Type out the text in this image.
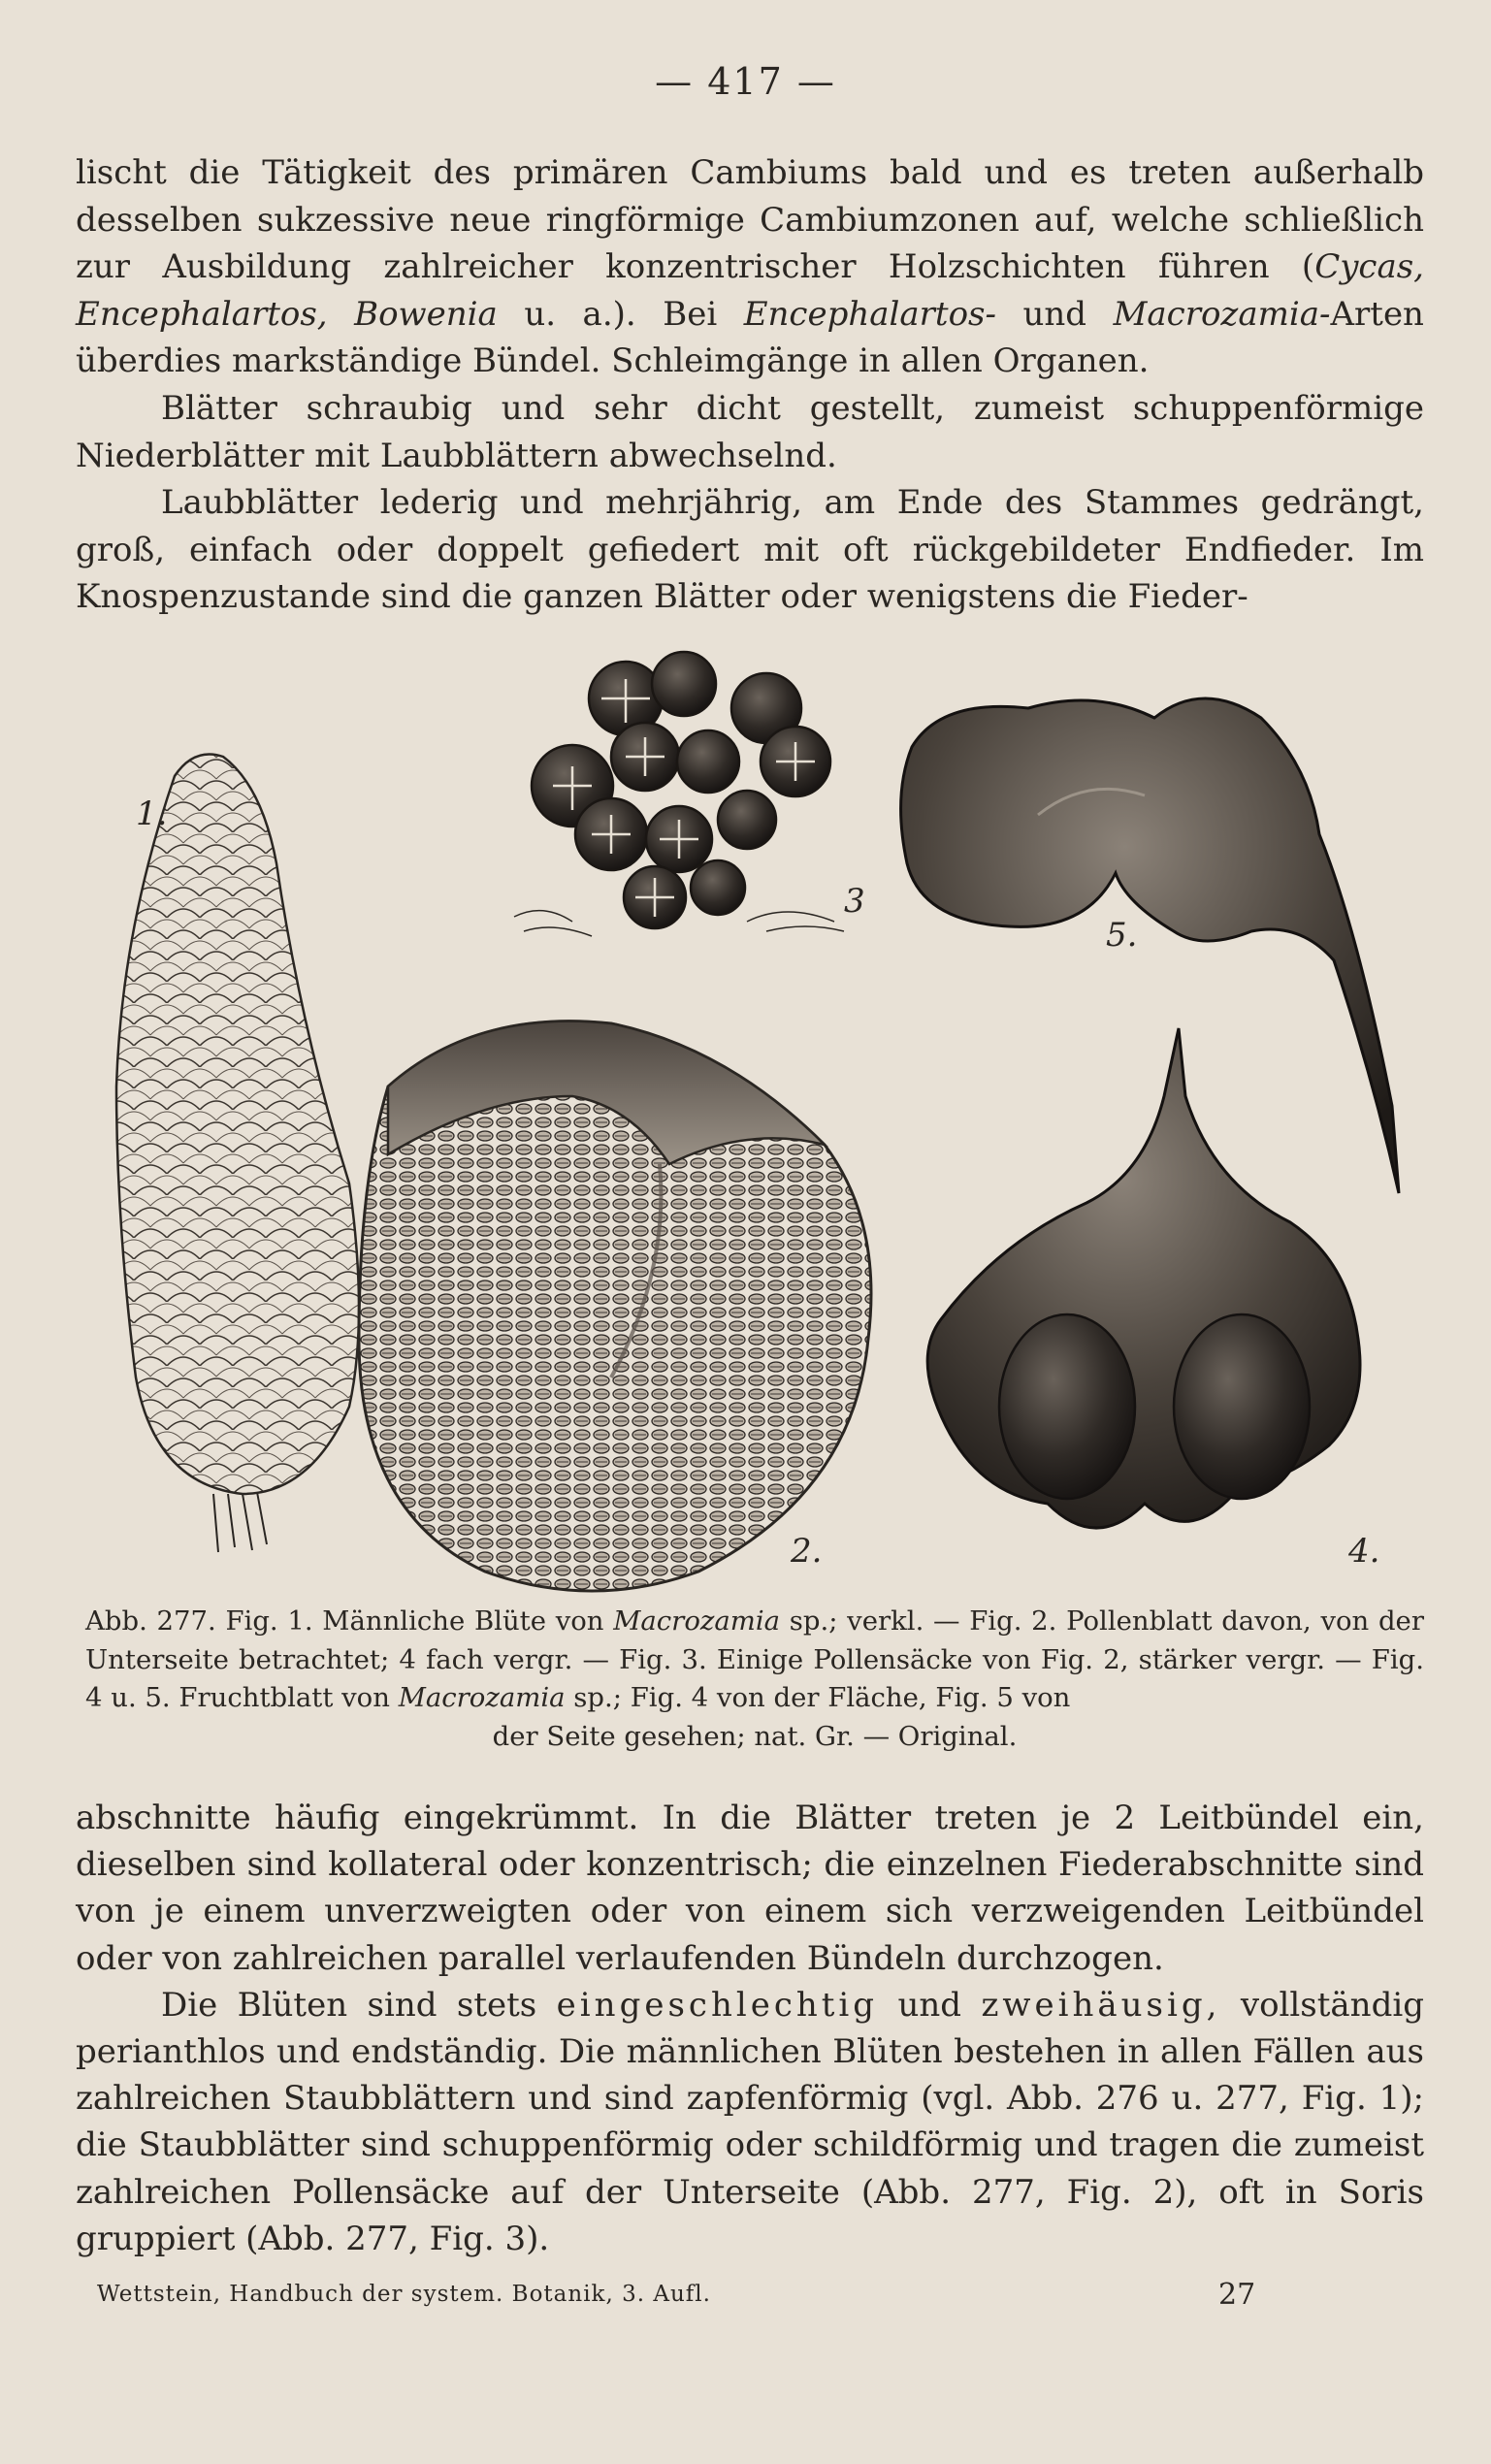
— 417 —

lischt die Tätigkeit des primären Cambiums bald und es treten außerhalb desselben sukzessive neue ringförmige Cambiumzonen auf, welche schließlich zur Ausbildung zahlreicher konzentrischer Holzschichten führen (Cycas, Encephalartos, Bowenia u. a.). Bei Encephalartos- und Macrozamia-Arten überdies markständige Bündel. Schleimgänge in allen Organen.

Blätter schraubig und sehr dicht gestellt, zumeist schuppenförmige Niederblätter mit Laubblättern abwechselnd.

Laubblätter lederig und mehrjährig, am Ende des Stammes gedrängt, groß, einfach oder doppelt gefiedert mit oft rückgebildeter Endfieder. Im Knospenzustande sind die ganzen Blätter oder wenigstens die Fieder-

3
1.
5.
2.	4.
Abb. 277. Fig. 1. Männliche Blüte von Macrozamia sp.; verkl. — Fig. 2. Pollenblatt davon, von der Unterseite betrachtet; 4 fach vergr. — Fig. 3. Einige Pollensäcke von Fig. 2, stärker vergr. — Fig. 4 u. 5. Fruchtblatt von Macrozamia sp.; Fig. 4 von der Fläche, Fig. 5 von
der Seite gesehen; nat. Gr. — Original.

abschnitte häufig eingekrümmt. In die Blätter treten je 2 Leitbündel ein, dieselben sind kollateral oder konzentrisch; die einzelnen Fiederabschnitte sind von je einem unverzweigten oder von einem sich verzweigenden Leitbündel oder von zahlreichen parallel verlaufenden Bündeln durchzogen.

Die Blüten sind stets eingeschlechtig und zweihäusig, vollständig perianthlos und endständig. Die männlichen Blüten bestehen in allen Fällen aus zahlreichen Staubblättern und sind zapfenförmig (vgl. Abb. 276 u. 277, Fig. 1); die Staubblätter sind schuppenförmig oder schildförmig und tragen die zumeist zahlreichen Pollensäcke auf der Unterseite (Abb. 277, Fig. 2), oft in Soris gruppiert (Abb. 277, Fig. 3).

Wettstein, Handbuch der system. Botanik, 3. Aufl.	27
